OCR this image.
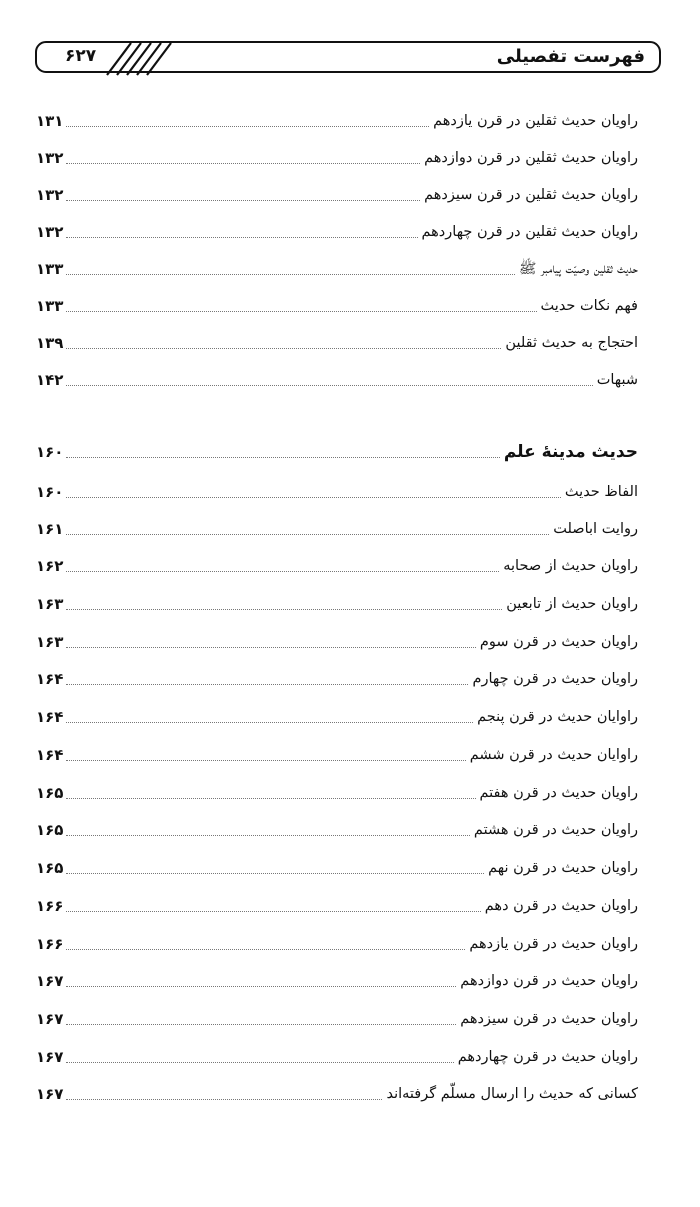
۶۲۷	فهرست تفصیلی
راویان حدیث ثقلین در قرن یازدهم
۱۳۱
راویان حدیث ثقلین در قرن دوازدهم
۱۳۲
راویان حدیث ثقلین در قرن سیزدهم
۱۳۲
راویان حدیث ثقلین در قرن چهاردهم
۱۳۲
حدیث ثقلین وصیّت پیامبر ﷺ
۱۳۳
فهم نکات حدیث
۱۳۳
احتجاج به حدیث ثقلین
۱۳۹
شبهات
۱۴۲
حدیث مدینهٔ علم
۱۶۰
الفاظ حدیث
۱۶۰
روایت اباصلت
۱۶۱
راویان حدیث از صحابه
۱۶۲
راویان حدیث از تابعین
۱۶۳
راویان حدیث در قرن سوم
۱۶۳
راویان حدیث در قرن چهارم
۱۶۴
راوایان حدیث در قرن پنجم
۱۶۴
راوایان حدیث در قرن ششم
۱۶۴
راویان حدیث در قرن هفتم
۱۶۵
راویان حدیث در قرن هشتم
۱۶۵
راویان حدیث در قرن نهم
۱۶۵
راویان حدیث در قرن دهم
۱۶۶
راویان حدیث در قرن یازدهم
۱۶۶
راویان حدیث در قرن دوازدهم
۱۶۷
راویان حدیث در قرن سیزدهم
۱۶۷
راویان حدیث در قرن چهاردهم
۱۶۷
کسانی که حدیث را ارسال مسلّم گرفته‌اند
۱۶۷
